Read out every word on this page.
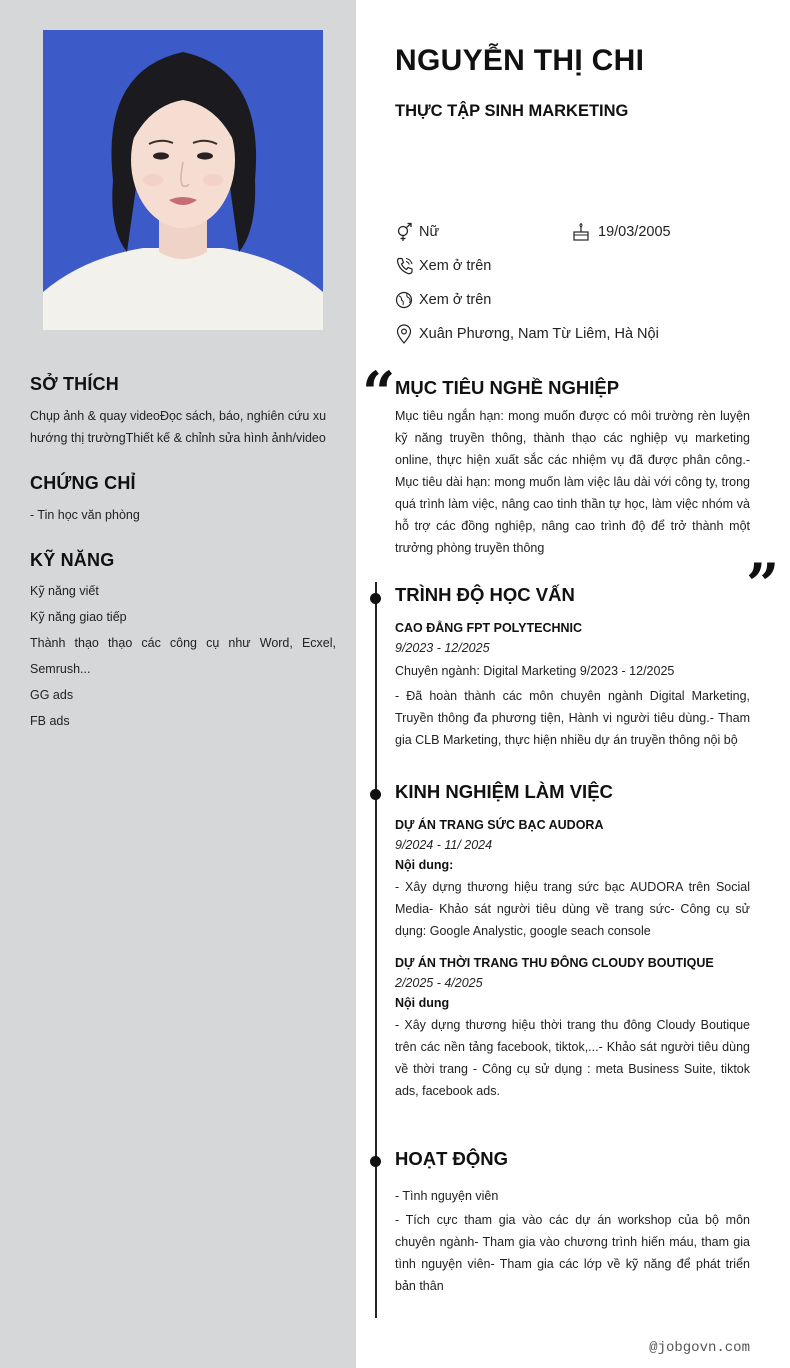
SỞ THÍCH
Chụp ảnh & quay videoĐọc sách, báo, nghiên cứu xu hướng thị trườngThiết kế & chỉnh sửa hình ảnh/video
CHỨNG CHỈ
- Tin học văn phòng
KỸ NĂNG
Kỹ năng viết
Kỹ năng giao tiếp
Thành thạo thạo các công cụ như Word, Ecxel, Semrush...
GG ads
FB ads
NGUYỄN THỊ CHI
THỰC TẬP SINH MARKETING
Nữ	19/03/2005
Xem ở trên
Xem ở trên
Xuân Phương, Nam Từ Liêm, Hà Nội
“
”
MỤC TIÊU NGHỀ NGHIỆP
Mục tiêu ngắn hạn: mong muốn được có môi trường rèn luyện kỹ năng truyền thông, thành thạo các nghiệp vụ marketing online, thực hiện xuất sắc các nhiệm vụ đã được phân công.- Mục tiêu dài hạn: mong muốn làm việc lâu dài với công ty, trong quá trình làm việc, nâng cao tinh thần tự học, làm việc nhóm và hỗ trợ các đồng nghiệp, nâng cao trình độ để trở thành một trưởng phòng truyền thông
TRÌNH ĐỘ HỌC VẤN
CAO ĐẲNG FPT POLYTECHNIC
9/2023 - 12/2025
Chuyên ngành: Digital Marketing 9/2023 - 12/2025
- Đã hoàn thành các môn chuyên ngành Digital Marketing, Truyền thông đa phương tiện, Hành vi người tiêu dùng.- Tham gia CLB Marketing, thực hiện nhiều dự án truyền thông nội bộ
KINH NGHIỆM LÀM VIỆC
DỰ ÁN TRANG SỨC BẠC AUDORA
9/2024 - 11/ 2024
Nội dung:
- Xây dựng thương hiệu trang sức bạc AUDORA trên Social Media- Khảo sát người tiêu dùng về trang sức- Công cụ sử dụng: Google Analystic, google seach console
DỰ ÁN THỜI TRANG THU ĐÔNG CLOUDY BOUTIQUE
2/2025 - 4/2025
Nội dung
- Xây dựng thương hiệu thời trang thu đông Cloudy Boutique trên các nền tảng facebook, tiktok,...- Khảo sát người tiêu dùng về thời trang - Công cụ sử dụng : meta Business Suite, tiktok ads, facebook ads.
HOẠT ĐỘNG
- Tình nguyện viên
- Tích cực tham gia vào các dự án workshop của bộ môn chuyên ngành- Tham gia vào chương trình hiến máu, tham gia tình nguyện viên- Tham gia các lớp về kỹ năng để phát triển bản thân
@jobgovn.com
